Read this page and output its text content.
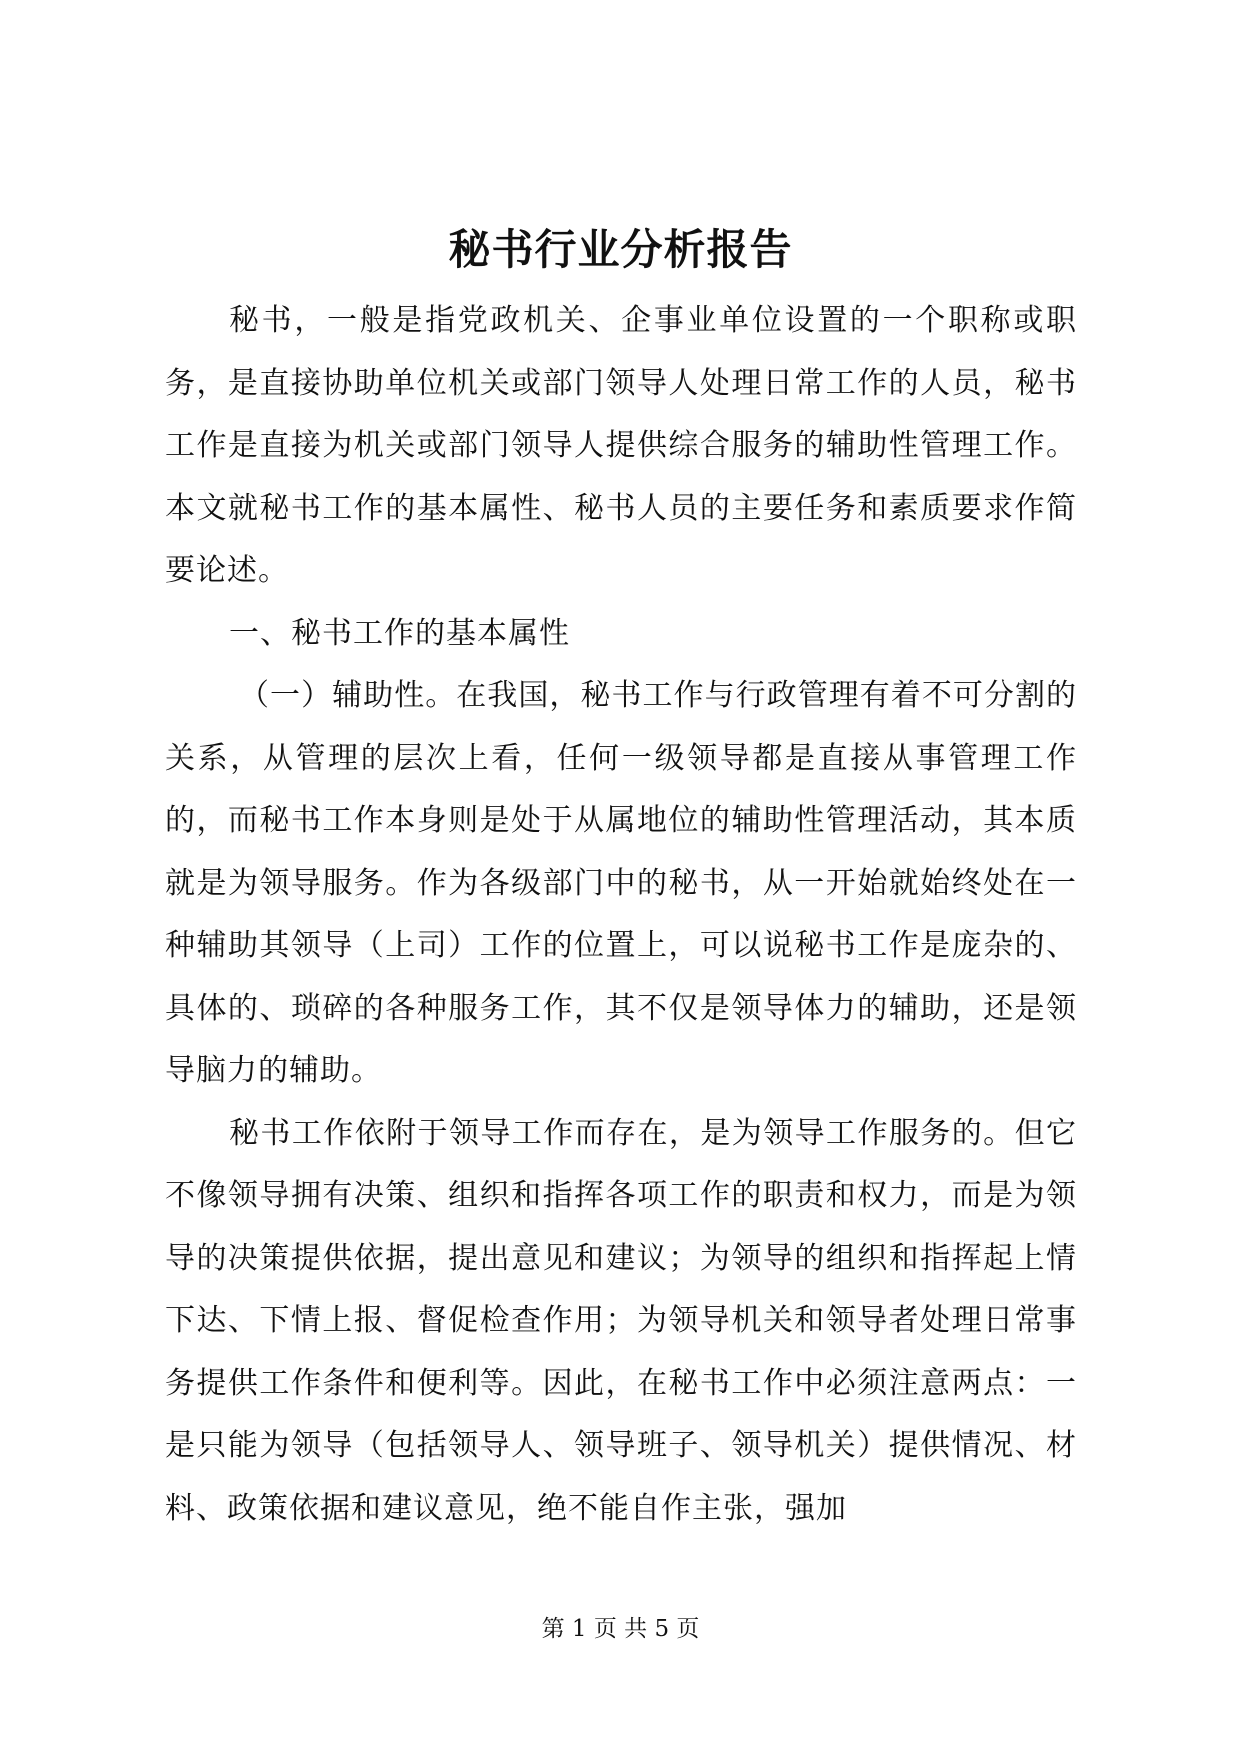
秘书行业分析报告

秘书，一般是指党政机关、企事业单位设置的一个职称或职务，是直接协助单位机关或部门领导人处理日常工作的人员，秘书工作是直接为机关或部门领导人提供综合服务的辅助性管理工作。本文就秘书工作的基本属性、秘书人员的主要任务和素质要求作简要论述。

一、秘书工作的基本属性

（一）辅助性。在我国，秘书工作与行政管理有着不可分割的关系，从管理的层次上看，任何一级领导都是直接从事管理工作的，而秘书工作本身则是处于从属地位的辅助性管理活动，其本质就是为领导服务。作为各级部门中的秘书，从一开始就始终处在一种辅助其领导（上司）工作的位置上，可以说秘书工作是庞杂的、具体的、琐碎的各种服务工作，其不仅是领导体力的辅助，还是领导脑力的辅助。

秘书工作依附于领导工作而存在，是为领导工作服务的。但它不像领导拥有决策、组织和指挥各项工作的职责和权力，而是为领导的决策提供依据，提出意见和建议；为领导的组织和指挥起上情下达、下情上报、督促检查作用；为领导机关和领导者处理日常事务提供工作条件和便利等。因此，在秘书工作中必须注意两点：一是只能为领导（包括领导人、领导班子、领导机关）提供情况、材料、政策依据和建议意见，绝不能自作主张，强加

第 1 页 共 5 页
